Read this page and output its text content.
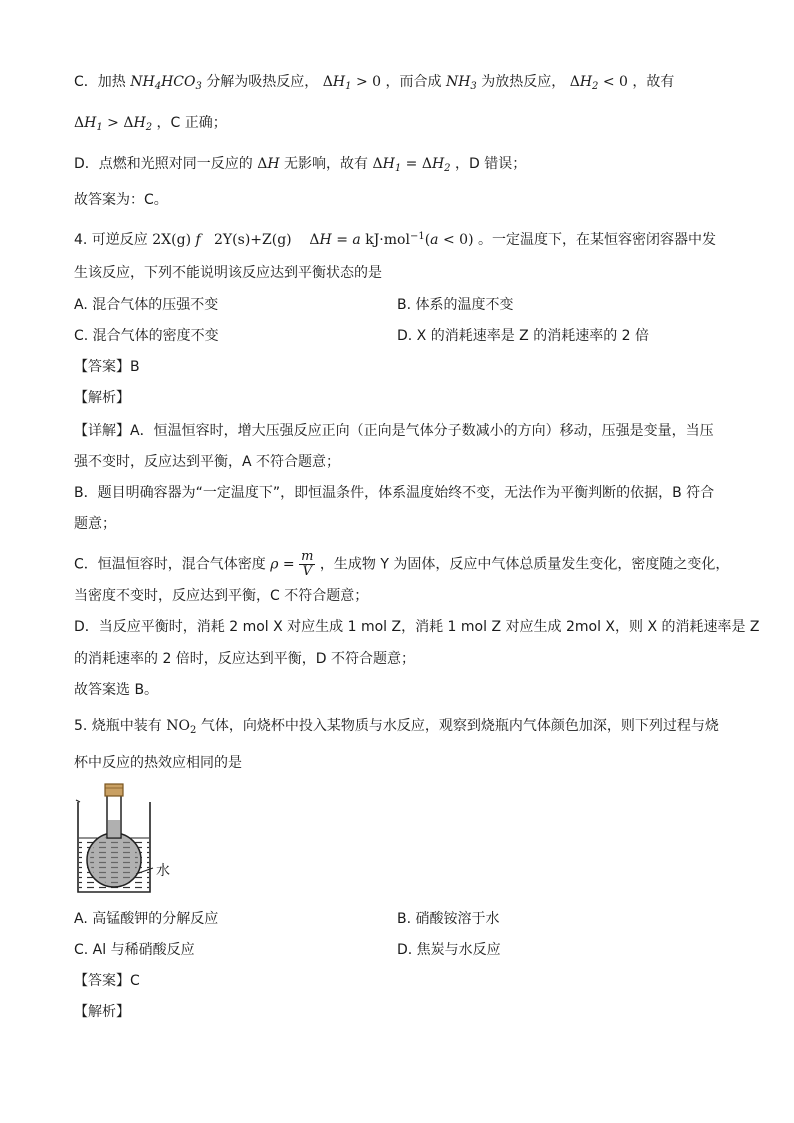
C．加热 $NH_4HCO_3$ 分解为吸热反应， $\Delta H_1 > 0$ ，而合成 $NH_3$ 为放热反应， $\Delta H_2 < 0$ ，故有
$\Delta H_1 > \Delta H_2$ ，C 正确；
D．点燃和光照对同一反应的 ΔH 无影响，故有 $\Delta H_1 = \Delta H_2$ ，D 错误；
故答案为：C。
4. 可逆反应 2X(g) f   2Y(s)+Z(g)    ΔH = a kJ·mol$^{-1}$(a < 0) 。一定温度下，在某恒容密闭容器中发
生该反应，下列不能说明该反应达到平衡状态的是
A. 混合气体的压强不变	B. 体系的温度不变
C. 混合气体的密度不变	D. X 的消耗速率是 Z 的消耗速率的 2 倍
【答案】B
【解析】
【详解】A．恒温恒容时，增大压强反应正向（正向是气体分子数减小的方向）移动，压强是变量，当压
强不变时，反应达到平衡，A 不符合题意；
B．题目明确容器为“一定温度下”，即恒温条件，体系温度始终不变，无法作为平衡判断的依据，B 符合
题意；
C．恒温恒容时，混合气体密度 $\rho = \frac{m}{V}$ ，生成物 Y 为固体，反应中气体总质量发生变化，密度随之变化，
当密度不变时，反应达到平衡，C 不符合题意；
D．当反应平衡时，消耗 2 mol X 对应生成 1 mol Z，消耗 1 mol Z 对应生成 2mol X，则 X 的消耗速率是 Z
的消耗速率的 2 倍时，反应达到平衡，D 不符合题意；
故答案选 B。
5. 烧瓶中装有 $NO_2$ 气体，向烧杯中投入某物质与水反应，观察到烧瓶内气体颜色加深，则下列过程与烧
杯中反应的热效应相同的是
水
A. 高锰酸钾的分解反应	B. 硝酸铵溶于水
C. Al 与稀硝酸反应	D. 焦炭与水反应
【答案】C
【解析】
